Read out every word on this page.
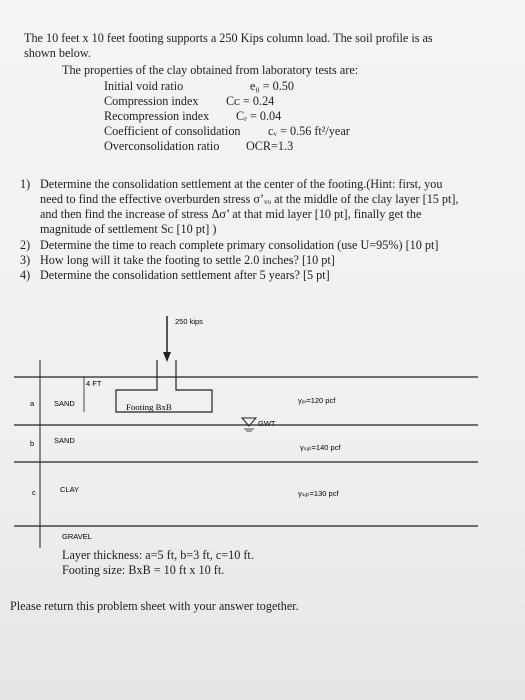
The 10 feet x 10 feet footing supports a 250 Kips column load. The soil profile is as
shown below.
The properties of the clay obtained from laboratory tests are:
Initial void ratio	e₀ = 0.50
Compression index Cᴄ = 0.24
Recompression index Cᵣ = 0.04
Coefficient of consolidation cᵥ = 0.56 ft²/year
Overconsolidation ratio OCR=1.3
1) Determine the consolidation settlement at the center of the footing.(Hint: first, you
need to find the effective overburden stress σ’ᵥₒ at the middle of the clay layer [15 pt],
and then find the increase of stress Δσ’ at that mid layer [10 pt], finally get the
magnitude of settlement Sᴄ [10 pt] )
2) Determine the time to reach complete primary consolidation (use U=95%) [10 pt]
3) How long will it take the footing to settle 2.0 inches? [10 pt]
4) Determine the consolidation settlement after 5 years? [5 pt]
250 kips
Footing BxB
4 FT
a	SAND	γₑᵣ=120 pcf
GWT
b	SAND
γₛₐₜ=140 pcf
c	CLAY	γₛₐₜ=130 pcf
GRAVEL
Layer thickness: a=5 ft, b=3 ft, c=10 ft.
Footing size: BxB = 10 ft x 10 ft.
Please return this problem sheet with your answer together.
